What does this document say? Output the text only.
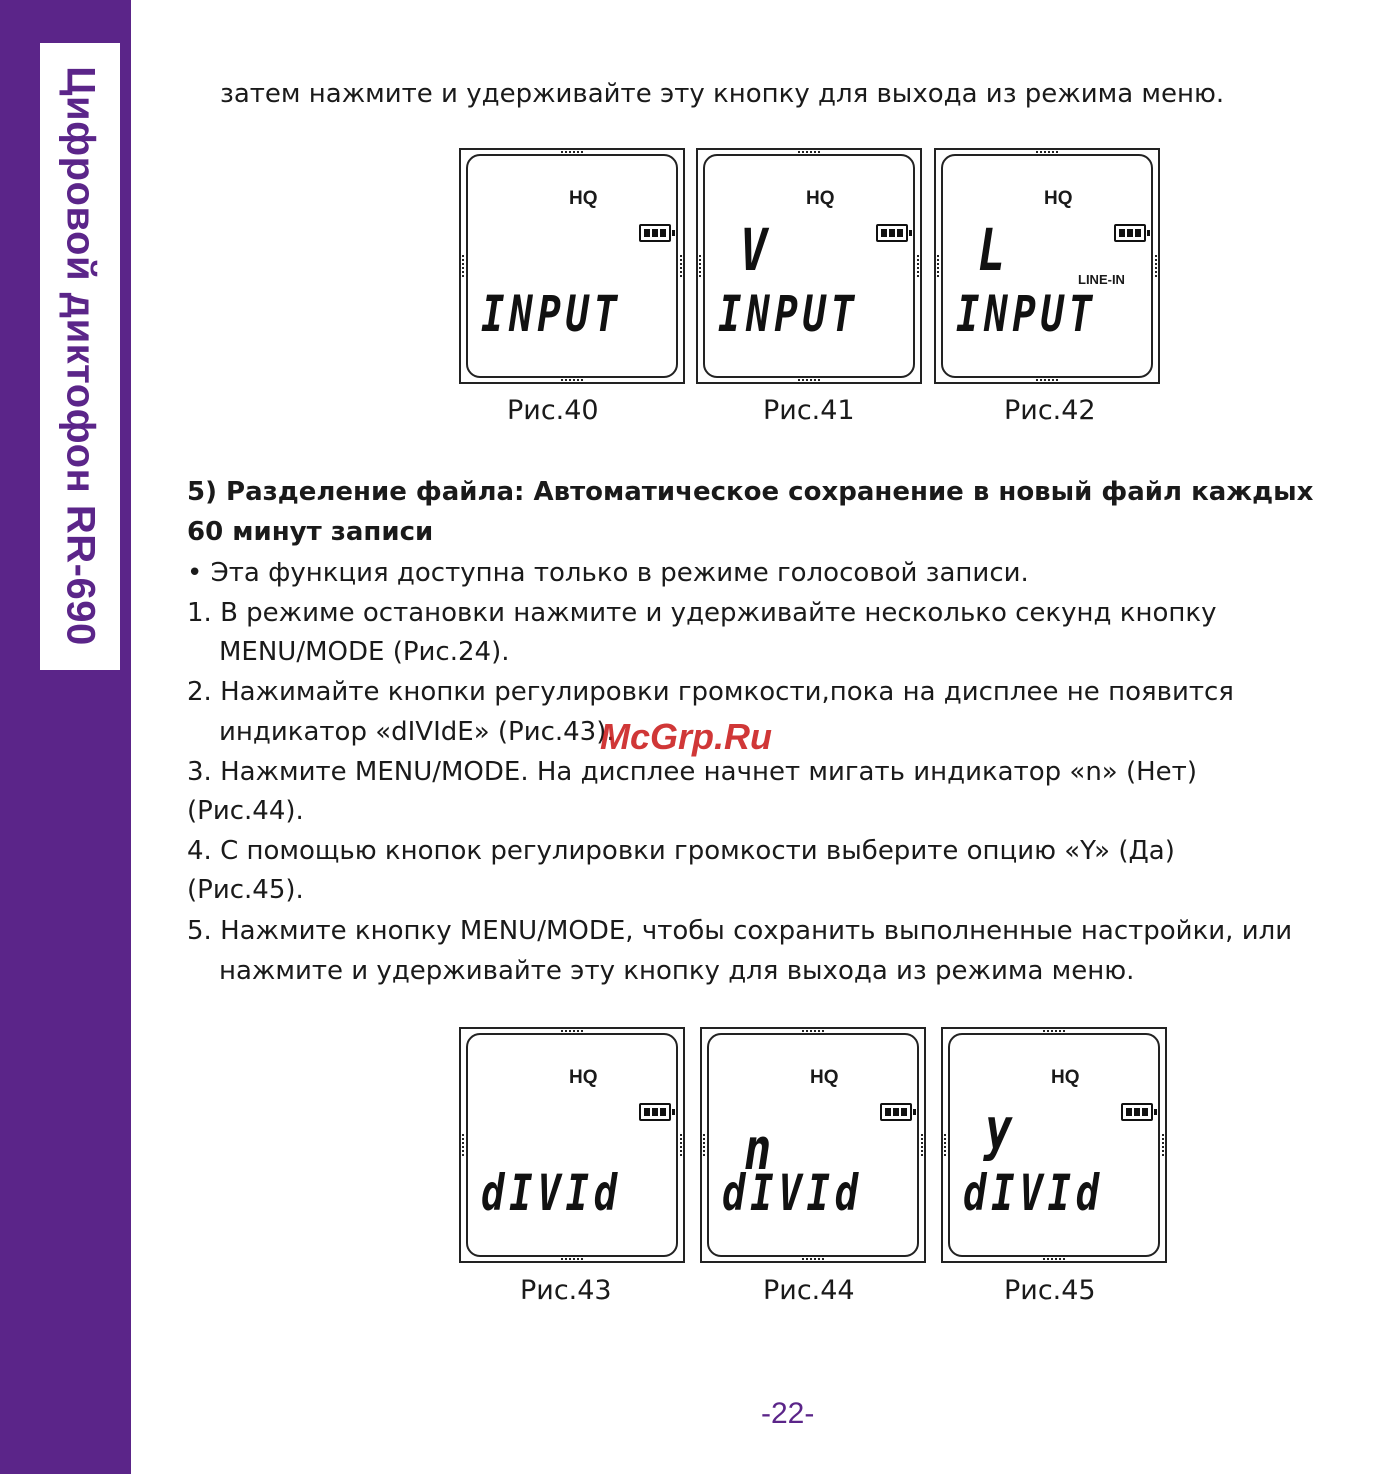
Цифровой диктофон RR-690	затем нажмите и удерживайте эту кнопку для выхода из режима меню.
HQ
INPUT
HQ
V
INPUT
HQ
LINE-IN
L
INPUT
Рис.40	Рис.41	Рис.42
5) Разделение файла: Автоматическое сохранение в новый файл каждых
60 минут записи
• Эта функция доступна только в режиме голосовой записи.
1. В режиме остановки нажмите и удерживайте несколько секунд кнопку
MENU/MODE (Рис.24).
2. Нажимайте кнопки регулировки громкости,пока на дисплее не появится
индикатор «dIVIdE» (Рис.43).
3. Нажмите MENU/MODE. На дисплее начнет мигать индикатор «n» (Нет)
(Рис.44).
4. С помощью кнопок регулировки громкости выберите опцию «Y» (Да)
(Рис.45).
5. Нажмите кнопку MENU/MODE, чтобы сохранить выполненные настройки, или
нажмите и удерживайте эту кнопку для выхода из режима меню.
McGrp.Ru
HQ
dIVId
HQ
n
dIVId
HQ
y
dIVId
Рис.43	Рис.44	Рис.45
-22-
